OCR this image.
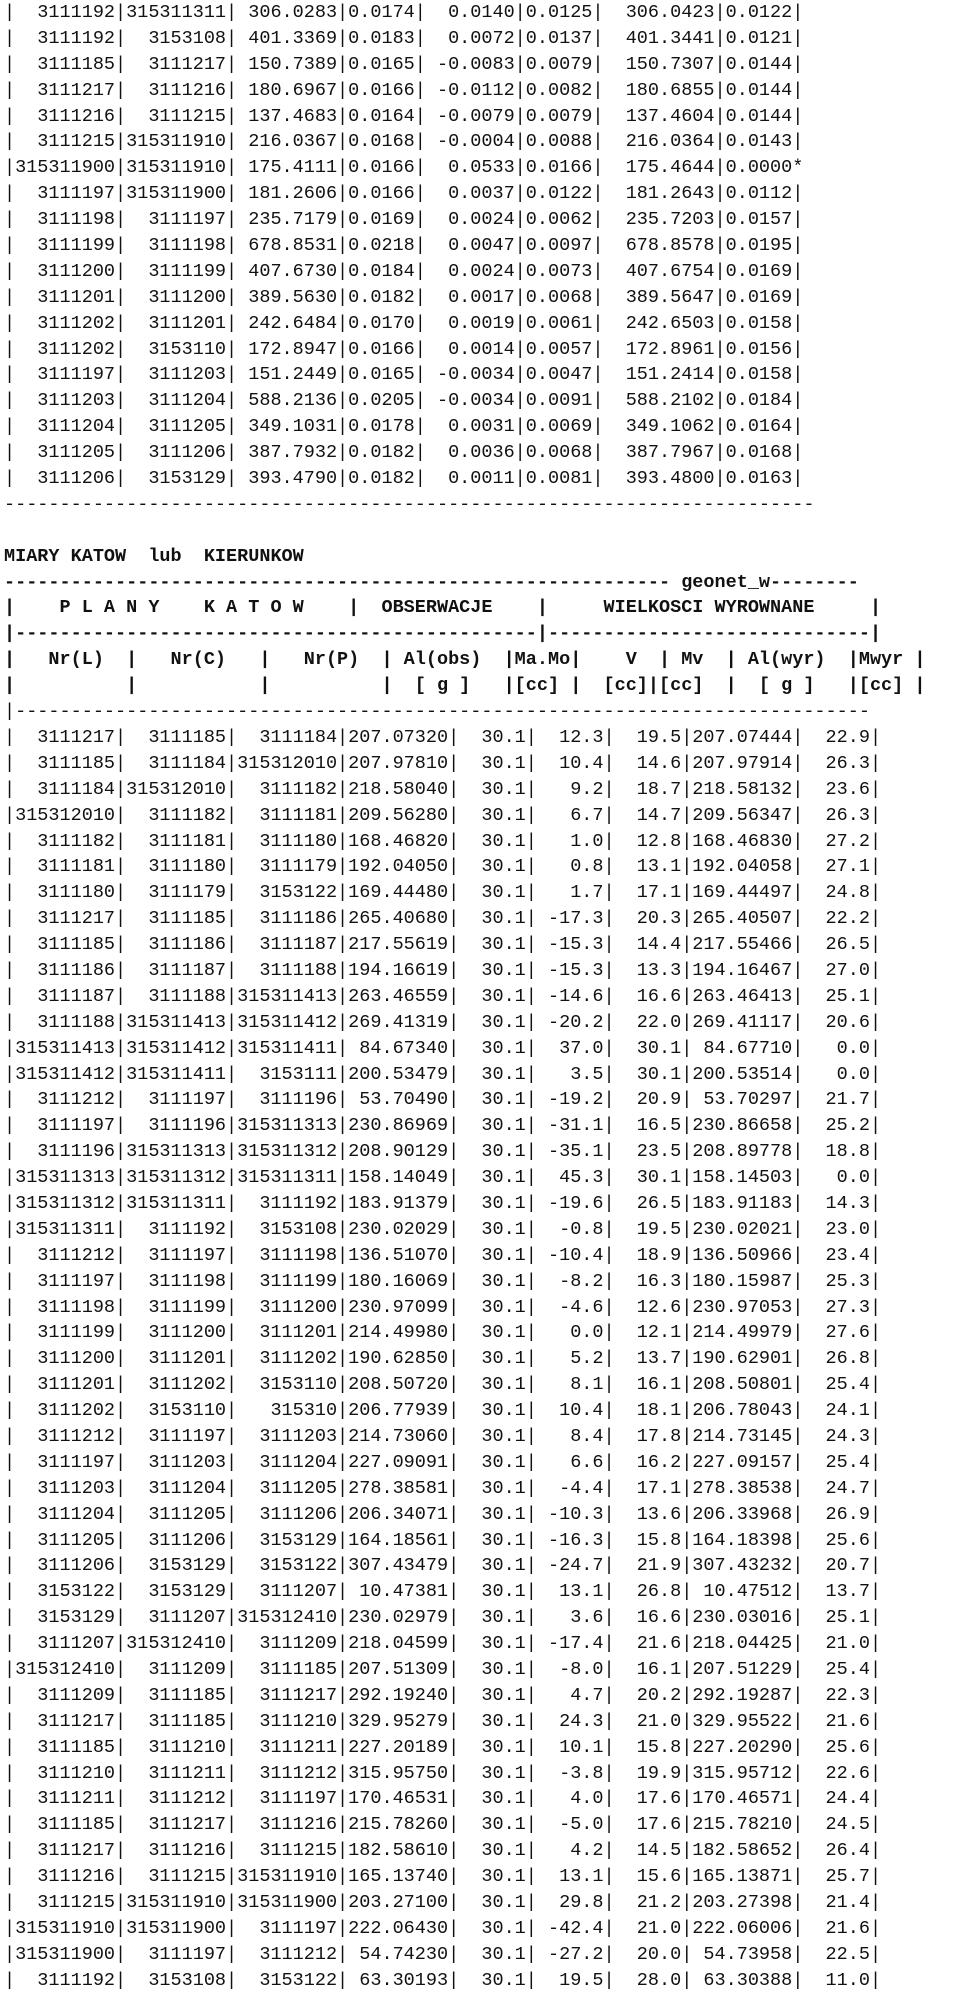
|  3111192|315311311| 306.0283|0.0174|  0.0140|0.0125|  306.0423|0.0122|
|  3111192|  3153108| 401.3369|0.0183|  0.0072|0.0137|  401.3441|0.0121|
|  3111185|  3111217| 150.7389|0.0165| -0.0083|0.0079|  150.7307|0.0144|
|  3111217|  3111216| 180.6967|0.0166| -0.0112|0.0082|  180.6855|0.0144|
|  3111216|  3111215| 137.4683|0.0164| -0.0079|0.0079|  137.4604|0.0144|
|  3111215|315311910| 216.0367|0.0168| -0.0004|0.0088|  216.0364|0.0143|
|315311900|315311910| 175.4111|0.0166|  0.0533|0.0166|  175.4644|0.0000*
|  3111197|315311900| 181.2606|0.0166|  0.0037|0.0122|  181.2643|0.0112|
|  3111198|  3111197| 235.7179|0.0169|  0.0024|0.0062|  235.7203|0.0157|
|  3111199|  3111198| 678.8531|0.0218|  0.0047|0.0097|  678.8578|0.0195|
|  3111200|  3111199| 407.6730|0.0184|  0.0024|0.0073|  407.6754|0.0169|
|  3111201|  3111200| 389.5630|0.0182|  0.0017|0.0068|  389.5647|0.0169|
|  3111202|  3111201| 242.6484|0.0170|  0.0019|0.0061|  242.6503|0.0158|
|  3111202|  3153110| 172.8947|0.0166|  0.0014|0.0057|  172.8961|0.0156|
|  3111197|  3111203| 151.2449|0.0165| -0.0034|0.0047|  151.2414|0.0158|
|  3111203|  3111204| 588.2136|0.0205| -0.0034|0.0091|  588.2102|0.0184|
|  3111204|  3111205| 349.1031|0.0178|  0.0031|0.0069|  349.1062|0.0164|
|  3111205|  3111206| 387.7932|0.0182|  0.0036|0.0068|  387.7967|0.0168|
|  3111206|  3153129| 393.4790|0.0182|  0.0011|0.0081|  393.4800|0.0163|
-------------------------------------------------------------------------

MIARY KATOW  lub  KIERUNKOW
------------------------------------------------------------ geonet_w--------
|    P L A N Y    K A T O W    |  OBSERWACJE    |     WIELKOSCI WYROWNANE     |
|-----------------------------------------------|-----------------------------|
|   Nr(L)  |   Nr(C)   |   Nr(P)  | Al(obs)  |Ma.Mo|    V  | Mv  | Al(wyr)  |Mwyr |
|          |           |          |  [ g ]   |[cc] |  [cc]|[cc]  |  [ g ]   |[cc] |
|-----------------------------------------------------------------------------
|  3111217|  3111185|  3111184|207.07320|  30.1|  12.3|  19.5|207.07444|  22.9|
|  3111185|  3111184|315312010|207.97810|  30.1|  10.4|  14.6|207.97914|  26.3|
|  3111184|315312010|  3111182|218.58040|  30.1|   9.2|  18.7|218.58132|  23.6|
|315312010|  3111182|  3111181|209.56280|  30.1|   6.7|  14.7|209.56347|  26.3|
|  3111182|  3111181|  3111180|168.46820|  30.1|   1.0|  12.8|168.46830|  27.2|
|  3111181|  3111180|  3111179|192.04050|  30.1|   0.8|  13.1|192.04058|  27.1|
|  3111180|  3111179|  3153122|169.44480|  30.1|   1.7|  17.1|169.44497|  24.8|
|  3111217|  3111185|  3111186|265.40680|  30.1| -17.3|  20.3|265.40507|  22.2|
|  3111185|  3111186|  3111187|217.55619|  30.1| -15.3|  14.4|217.55466|  26.5|
|  3111186|  3111187|  3111188|194.16619|  30.1| -15.3|  13.3|194.16467|  27.0|
|  3111187|  3111188|315311413|263.46559|  30.1| -14.6|  16.6|263.46413|  25.1|
|  3111188|315311413|315311412|269.41319|  30.1| -20.2|  22.0|269.41117|  20.6|
|315311413|315311412|315311411| 84.67340|  30.1|  37.0|  30.1| 84.67710|   0.0|
|315311412|315311411|  3153111|200.53479|  30.1|   3.5|  30.1|200.53514|   0.0|
|  3111212|  3111197|  3111196| 53.70490|  30.1| -19.2|  20.9| 53.70297|  21.7|
|  3111197|  3111196|315311313|230.86969|  30.1| -31.1|  16.5|230.86658|  25.2|
|  3111196|315311313|315311312|208.90129|  30.1| -35.1|  23.5|208.89778|  18.8|
|315311313|315311312|315311311|158.14049|  30.1|  45.3|  30.1|158.14503|   0.0|
|315311312|315311311|  3111192|183.91379|  30.1| -19.6|  26.5|183.91183|  14.3|
|315311311|  3111192|  3153108|230.02029|  30.1|  -0.8|  19.5|230.02021|  23.0|
|  3111212|  3111197|  3111198|136.51070|  30.1| -10.4|  18.9|136.50966|  23.4|
|  3111197|  3111198|  3111199|180.16069|  30.1|  -8.2|  16.3|180.15987|  25.3|
|  3111198|  3111199|  3111200|230.97099|  30.1|  -4.6|  12.6|230.97053|  27.3|
|  3111199|  3111200|  3111201|214.49980|  30.1|   0.0|  12.1|214.49979|  27.6|
|  3111200|  3111201|  3111202|190.62850|  30.1|   5.2|  13.7|190.62901|  26.8|
|  3111201|  3111202|  3153110|208.50720|  30.1|   8.1|  16.1|208.50801|  25.4|
|  3111202|  3153110|   315310|206.77939|  30.1|  10.4|  18.1|206.78043|  24.1|
|  3111212|  3111197|  3111203|214.73060|  30.1|   8.4|  17.8|214.73145|  24.3|
|  3111197|  3111203|  3111204|227.09091|  30.1|   6.6|  16.2|227.09157|  25.4|
|  3111203|  3111204|  3111205|278.38581|  30.1|  -4.4|  17.1|278.38538|  24.7|
|  3111204|  3111205|  3111206|206.34071|  30.1| -10.3|  13.6|206.33968|  26.9|
|  3111205|  3111206|  3153129|164.18561|  30.1| -16.3|  15.8|164.18398|  25.6|
|  3111206|  3153129|  3153122|307.43479|  30.1| -24.7|  21.9|307.43232|  20.7|
|  3153122|  3153129|  3111207| 10.47381|  30.1|  13.1|  26.8| 10.47512|  13.7|
|  3153129|  3111207|315312410|230.02979|  30.1|   3.6|  16.6|230.03016|  25.1|
|  3111207|315312410|  3111209|218.04599|  30.1| -17.4|  21.6|218.04425|  21.0|
|315312410|  3111209|  3111185|207.51309|  30.1|  -8.0|  16.1|207.51229|  25.4|
|  3111209|  3111185|  3111217|292.19240|  30.1|   4.7|  20.2|292.19287|  22.3|
|  3111217|  3111185|  3111210|329.95279|  30.1|  24.3|  21.0|329.95522|  21.6|
|  3111185|  3111210|  3111211|227.20189|  30.1|  10.1|  15.8|227.20290|  25.6|
|  3111210|  3111211|  3111212|315.95750|  30.1|  -3.8|  19.9|315.95712|  22.6|
|  3111211|  3111212|  3111197|170.46531|  30.1|   4.0|  17.6|170.46571|  24.4|
|  3111185|  3111217|  3111216|215.78260|  30.1|  -5.0|  17.6|215.78210|  24.5|
|  3111217|  3111216|  3111215|182.58610|  30.1|   4.2|  14.5|182.58652|  26.4|
|  3111216|  3111215|315311910|165.13740|  30.1|  13.1|  15.6|165.13871|  25.7|
|  3111215|315311910|315311900|203.27100|  30.1|  29.8|  21.2|203.27398|  21.4|
|315311910|315311900|  3111197|222.06430|  30.1| -42.4|  21.0|222.06006|  21.6|
|315311900|  3111197|  3111212| 54.74230|  30.1| -27.2|  20.0| 54.73958|  22.5|
|  3111192|  3153108|  3153122| 63.30193|  30.1|  19.5|  28.0| 63.30388|  11.0|
